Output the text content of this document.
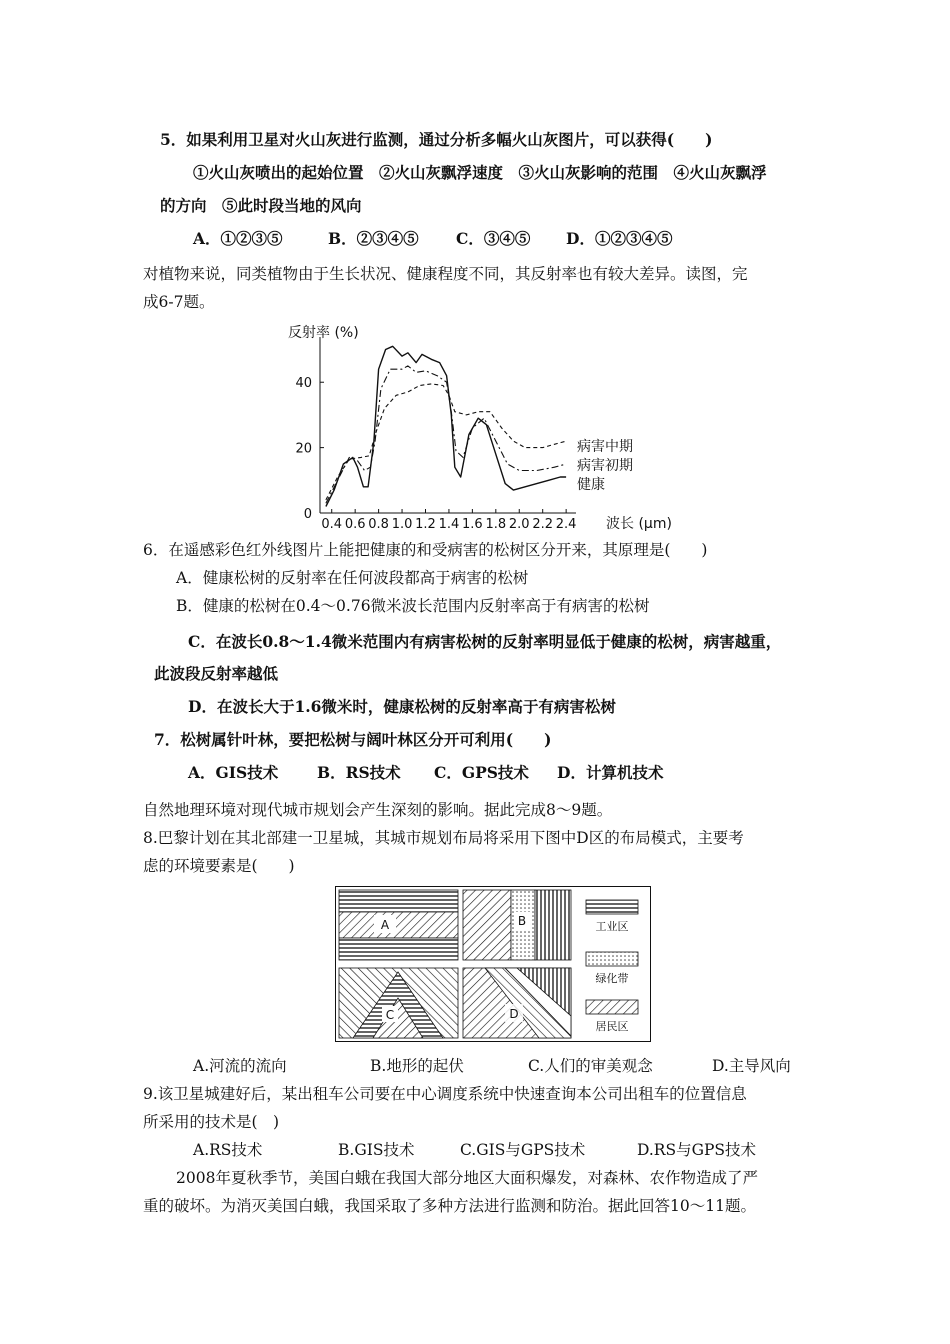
5．如果利用卫星对火山灰进行监测，通过分析多幅火山灰图片，可以获得(　　)
①火山灰喷出的起始位置　②火山灰飘浮速度　③火山灰影响的范围　④火山灰飘浮
的方向　⑤此时段当地的风向
A．①②③⑤	B．②③④⑤ C．③④⑤ D．①②③④⑤
对植物来说，同类植物由于生长状况、健康程度不同，其反射率也有较大差异。读图，完
成6-7题。
0.4 0.6 0.8 1.0 1.2 1.4 1.6 1.8 2.0 2.2 2.4
0
20
40
反射率 (%)
波长 (μm)
病害中期
病害初期
健康
6．在遥感彩色红外线图片上能把健康的和受病害的松树区分开来，其原理是(　　)
A．健康松树的反射率在任何波段都高于病害的松树
B．健康的松树在0.4～0.76微米波长范围内反射率高于有病害的松树
C．在波长0.8～1.4微米范围内有病害松树的反射率明显低于健康的松树，病害越重，
此波段反射率越低
D．在波长大于1.6微米时，健康松树的反射率高于有病害松树
7．松树属针叶林，要把松树与阔叶林区分开可利用(　　)
A．GIS技术	B．RS技术 C．GPS技术 D．计算机技术
自然地理环境对现代城市规划会产生深刻的影响。据此完成8～9题。
8.巴黎计划在其北部建一卫星城，其城市规划布局将采用下图中D区的布局模式，主要考
虑的环境要素是(　　)
A	B
C	D
工业区
绿化带
居民区
A.河流的流向	B.地形的起伏	C.人们的审美观念	D.主导风向
9.该卫星城建好后，某出租车公司要在中心调度系统中快速查询本公司出租车的位置信息
所采用的技术是(　)
A.RS技术	B.GIS技术	C.GIS与GPS技术	D.RS与GPS技术
2008年夏秋季节，美国白蛾在我国大部分地区大面积爆发，对森林、农作物造成了严
重的破坏。为消灭美国白蛾，我国采取了多种方法进行监测和防治。据此回答10～11题。
